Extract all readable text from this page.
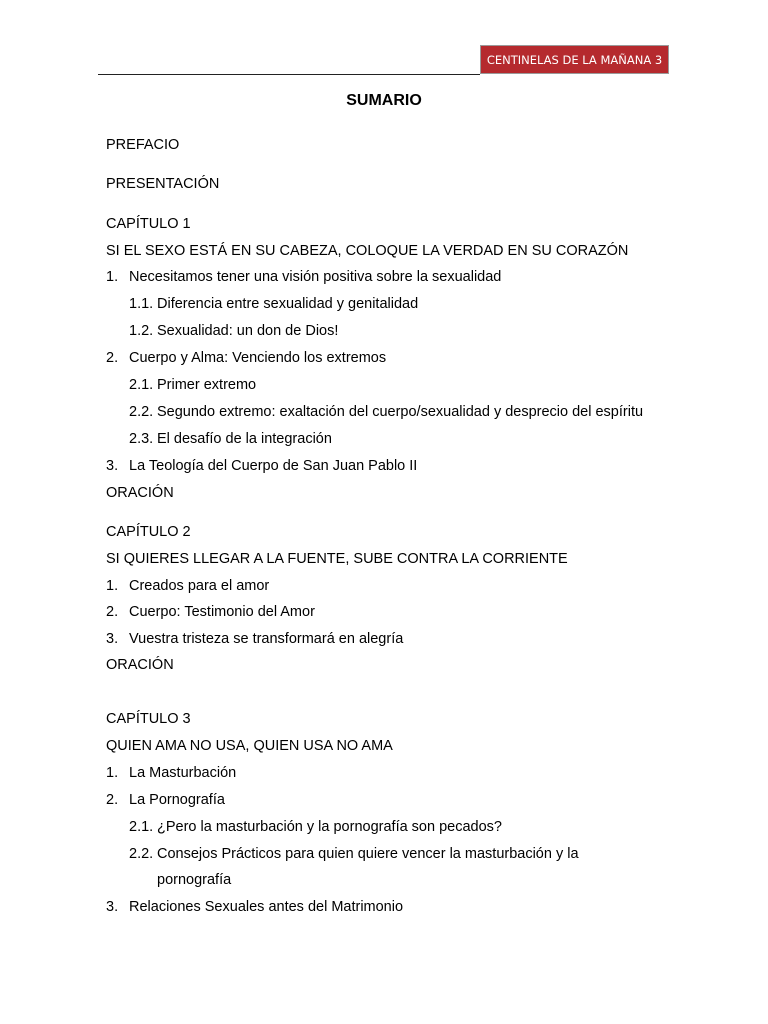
CENTINELAS DE LA MAÑANA 3
SUMARIO
PREFACIO
PRESENTACIÓN
CAPÍTULO 1
SI EL SEXO ESTÁ EN SU CABEZA, COLOQUE LA VERDAD EN SU CORAZÓN
1. Necesitamos tener una visión positiva sobre la sexualidad
1.1. Diferencia entre sexualidad y genitalidad
1.2. Sexualidad: un don de Dios!
2. Cuerpo y Alma: Venciendo los extremos
2.1. Primer extremo
2.2. Segundo extremo: exaltación del cuerpo/sexualidad y desprecio del espíritu
2.3. El desafío de la integración
3. La Teología del Cuerpo de San Juan Pablo II
ORACIÓN
CAPÍTULO 2
SI QUIERES LLEGAR A LA FUENTE, SUBE CONTRA LA CORRIENTE
1. Creados para el amor
2. Cuerpo: Testimonio del Amor
3. Vuestra tristeza se transformará en alegría
ORACIÓN
CAPÍTULO 3
QUIEN AMA NO USA, QUIEN USA NO AMA
1. La Masturbación
2. La Pornografía
2.1. ¿Pero la masturbación y la pornografía son pecados?
2.2. Consejos Prácticos para quien quiere vencer la masturbación y la
pornografía
3. Relaciones Sexuales antes del Matrimonio
